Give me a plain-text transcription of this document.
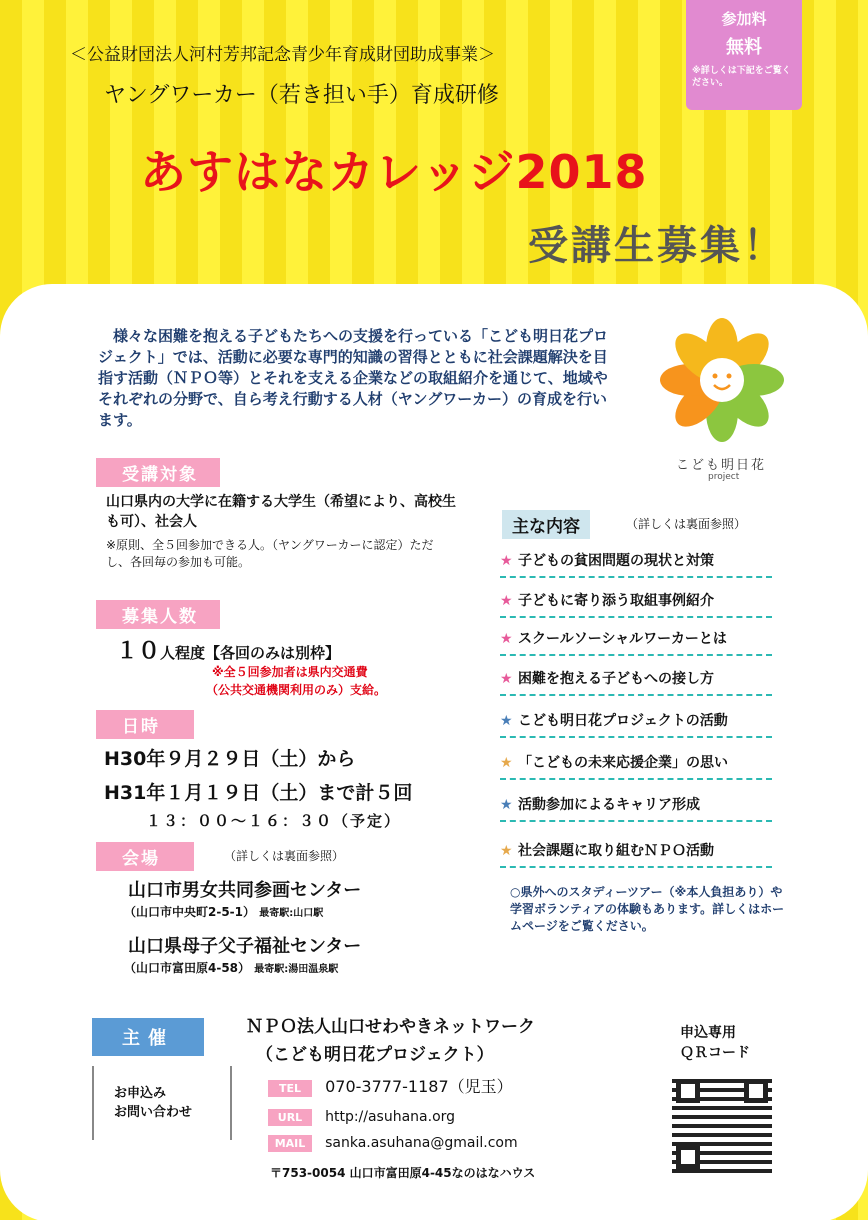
参加料
無料
※詳しくは下記をご覧ください。
＜公益財団法人河村芳邦記念青少年育成財団助成事業＞
ヤングワーカー（若き担い手）育成研修
あすはなカレッジ2018
受講生募集！
様々な困難を抱える子どもたちへの支援を行っている「こども明日花プロジェクト」では、活動に必要な専門的知識の習得とともに社会課題解決を目指す活動（ＮＰＯ等）とそれを支える企業などの取組紹介を通じて、地域やそれぞれの分野で、自ら考え行動する人材（ヤングワーカー）の育成を行います。
こども明日花
project
受講対象
山口県内の大学に在籍する大学生（希望により、高校生も可）、社会人
※原則、全５回参加できる人。（ヤングワーカーに認定）ただし、各回毎の参加も可能。
募集人数
１０人程度【各回のみは別枠】
※全５回参加者は県内交通費
（公共交通機関利用のみ）支給。
日時
H30年９月２９日（土）から
H31年１月１９日（土）まで計５回
１３：００～１６：３０（予定）
会場	（詳しくは裏面参照）
山口市男女共同参画センター
（山口市中央町2-5-1） 最寄駅:山口駅
山口県母子父子福祉センター
（山口市富田原4-58） 最寄駅:湯田温泉駅
主な内容	（詳しくは裏面参照）
★ 子どもの貧困問題の現状と対策
★ 子どもに寄り添う取組事例紹介
★ スクールソーシャルワーカーとは
★ 困難を抱える子どもへの接し方
★ こども明日花プロジェクトの活動
★ 「こどもの未来応援企業」の思い
★ 活動参加によるキャリア形成
★ 社会課題に取り組むＮＰＯ活動
○県外へのスタディーツアー（※本人負担あり）や学習ボランティアの体験もあります。詳しくはホームページをご覧ください。
主催
ＮＰＯ法人山口せわやきネットワーク
（こども明日花プロジェクト）
お申込み
お問い合わせ
TEL 070-3777-1187（児玉）
URL http://asuhana.org
MAIL sanka.asuhana@gmail.com
〒753-0054 山口市富田原4-45なのはなハウス
申込専用
ＱＲコード
